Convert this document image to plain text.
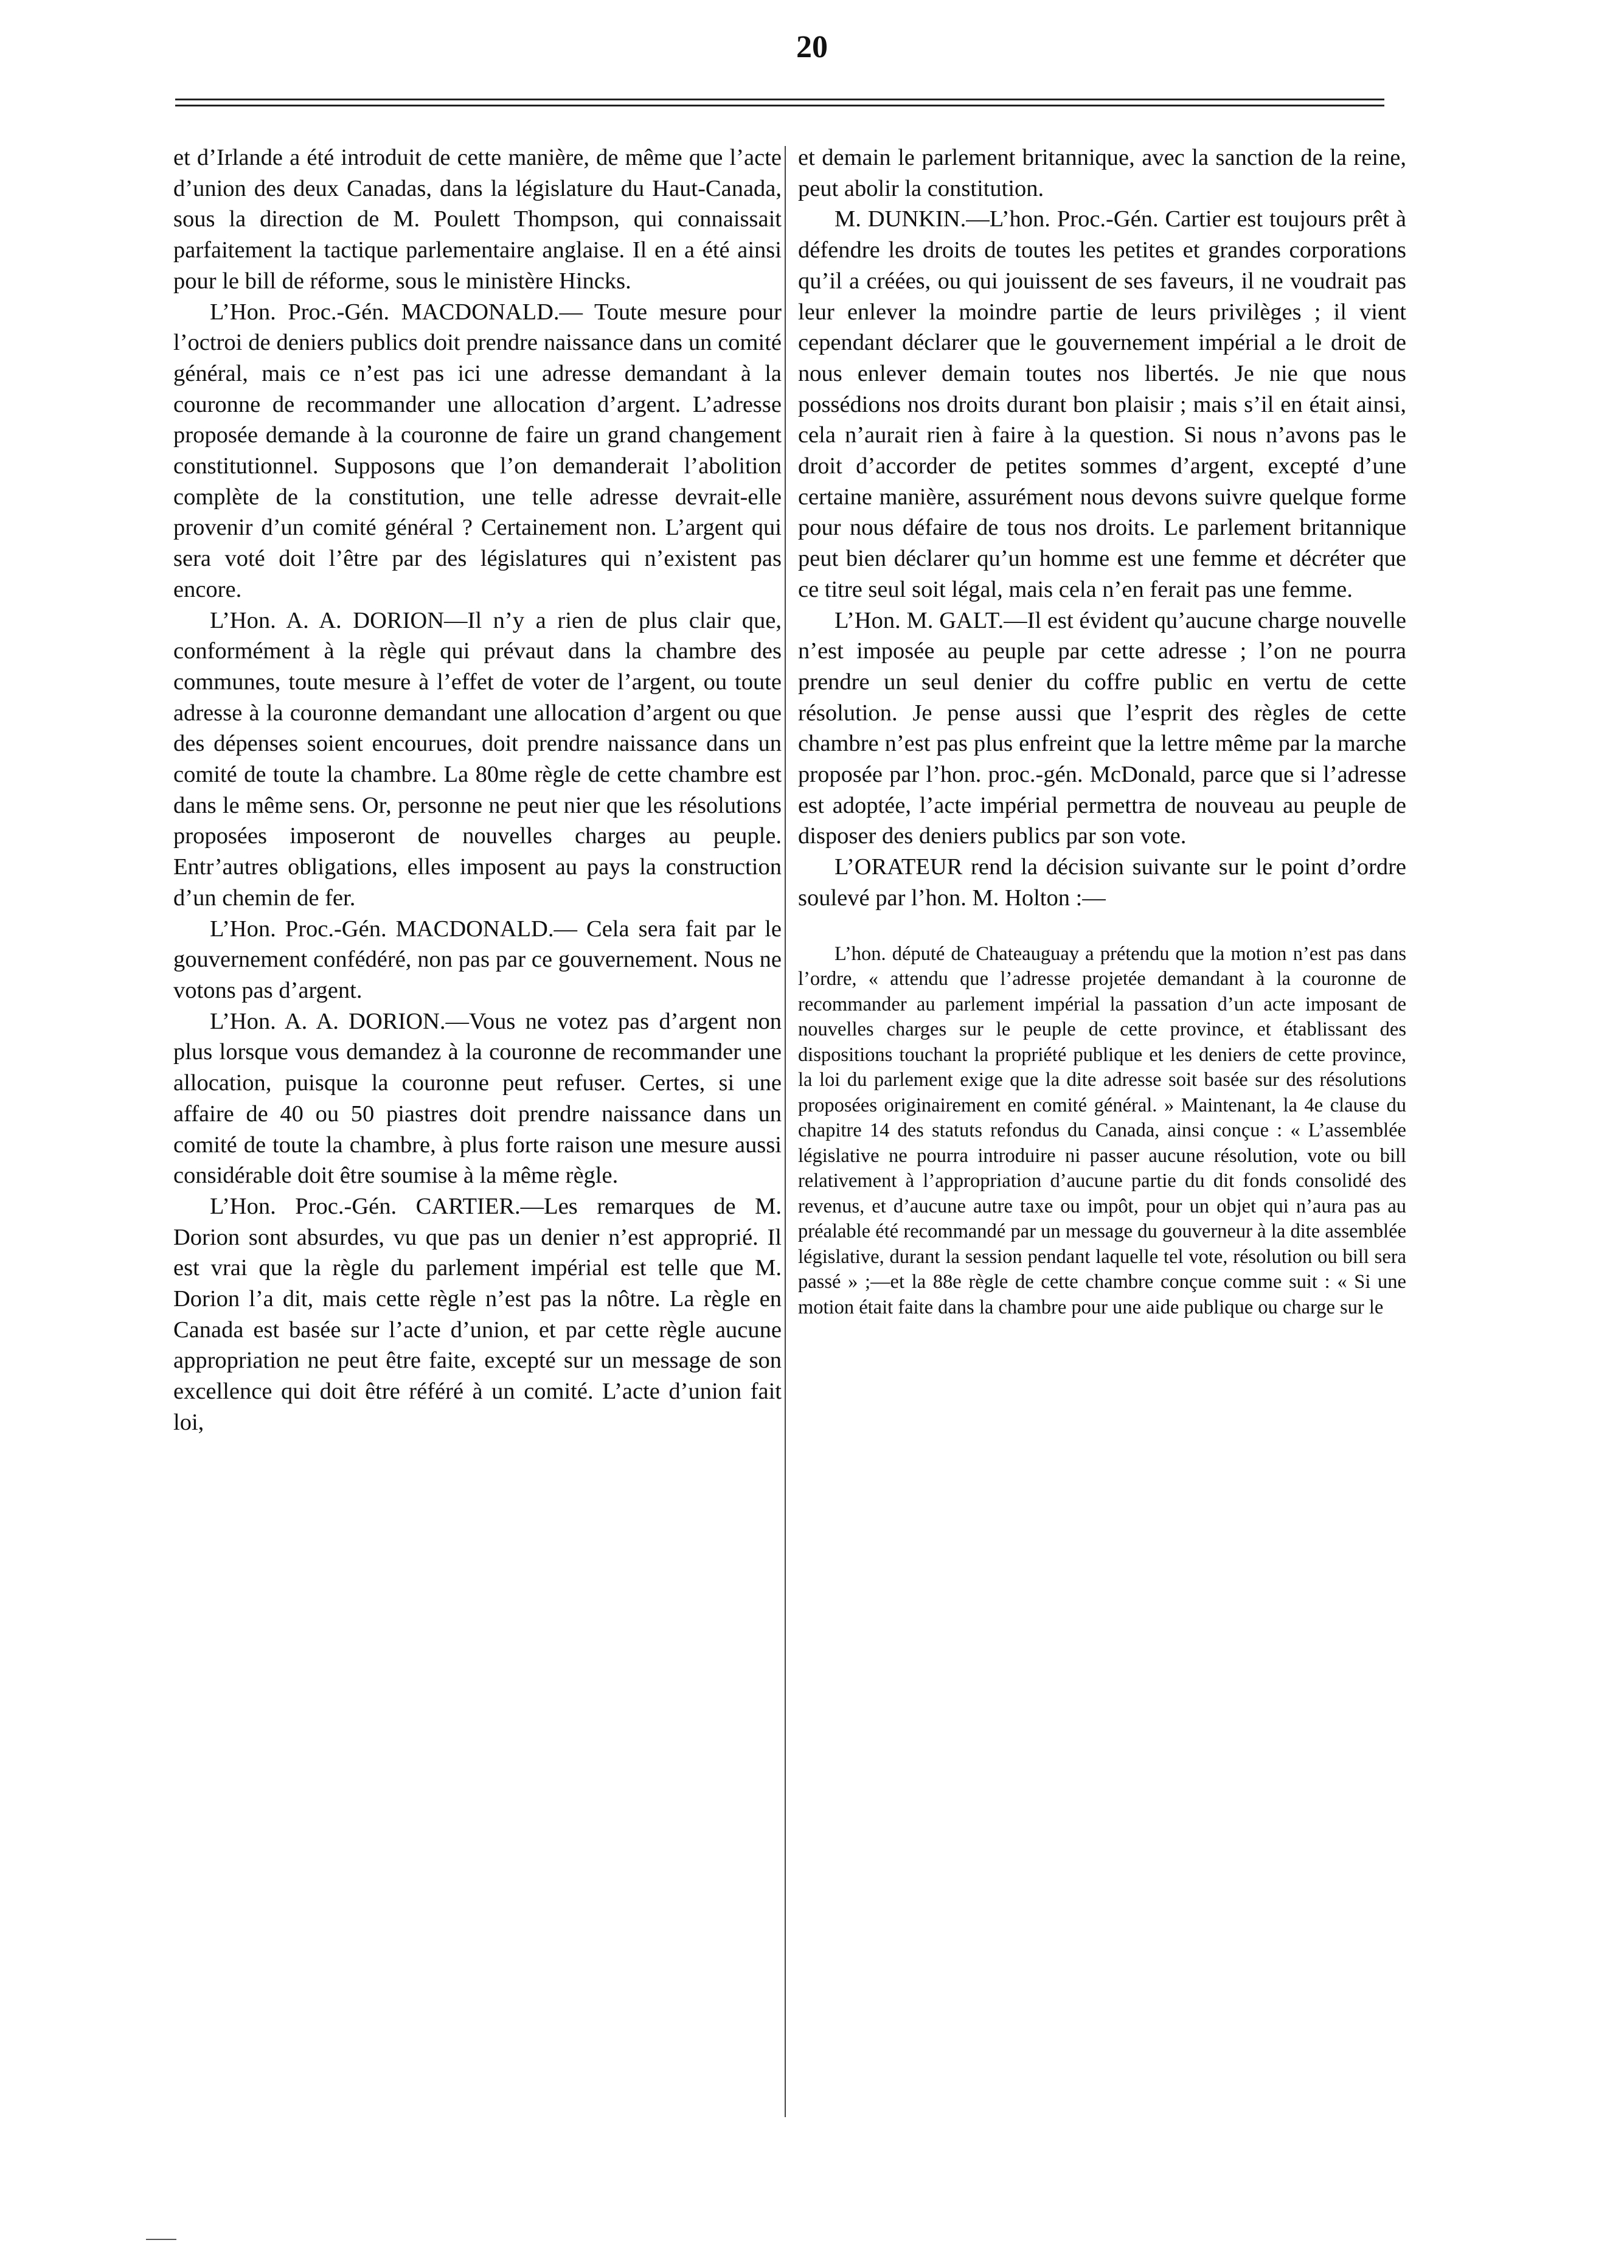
20

et d’Irlande a été introduit de cette manière, de même que l’acte d’union des deux Canadas, dans la législature du Haut-Canada, sous la direction de M. Poulett Thompson, qui connaissait parfaitement la tactique parlementaire anglaise. Il en a été ainsi pour le bill de réforme, sous le ministère Hincks.

L’Hon. Proc.-Gén. MACDONALD.— Toute mesure pour l’octroi de deniers publics doit prendre naissance dans un comité général, mais ce n’est pas ici une adresse demandant à la couronne de recommander une allocation d’argent. L’adresse proposée demande à la couronne de faire un grand changement constitutionnel. Supposons que l’on demanderait l’abolition complète de la constitution, une telle adresse devrait-elle provenir d’un comité général ? Certainement non. L’argent qui sera voté doit l’être par des législatures qui n’existent pas encore.

L’Hon. A. A. DORION—Il n’y a rien de plus clair que, conformément à la règle qui prévaut dans la chambre des communes, toute mesure à l’effet de voter de l’argent, ou toute adresse à la couronne demandant une allocation d’argent ou que des dépenses soient encourues, doit prendre naissance dans un comité de toute la chambre. La 80me règle de cette chambre est dans le même sens. Or, personne ne peut nier que les résolutions proposées imposeront de nouvelles charges au peuple. Entr’autres obligations, elles imposent au pays la construction d’un chemin de fer.

L’Hon. Proc.-Gén. MACDONALD.— Cela sera fait par le gouvernement confédéré, non pas par ce gouvernement. Nous ne votons pas d’argent.

L’Hon. A. A. DORION.—Vous ne votez pas d’argent non plus lorsque vous demandez à la couronne de recommander une allocation, puisque la couronne peut refuser. Certes, si une affaire de 40 ou 50 piastres doit prendre naissance dans un comité de toute la chambre, à plus forte raison une mesure aussi considérable doit être soumise à la même règle.

L’Hon. Proc.-Gén. CARTIER.—Les remarques de M. Dorion sont absurdes, vu que pas un denier n’est approprié. Il est vrai que la règle du parlement impérial est telle que M. Dorion l’a dit, mais cette règle n’est pas la nôtre. La règle en Canada est basée sur l’acte d’union, et par cette règle aucune appropriation ne peut être faite, excepté sur un message de son excellence qui doit être référé à un comité. L’acte d’union fait loi,

et demain le parlement britannique, avec la sanction de la reine, peut abolir la constitution.

M. DUNKIN.—L’hon. Proc.-Gén. Cartier est toujours prêt à défendre les droits de toutes les petites et grandes corporations qu’il a créées, ou qui jouissent de ses faveurs, il ne voudrait pas leur enlever la moindre partie de leurs privilèges ; il vient cependant déclarer que le gouvernement impérial a le droit de nous enlever demain toutes nos libertés. Je nie que nous possédions nos droits durant bon plaisir ; mais s’il en était ainsi, cela n’aurait rien à faire à la question. Si nous n’avons pas le droit d’accorder de petites sommes d’argent, excepté d’une certaine manière, assurément nous devons suivre quelque forme pour nous défaire de tous nos droits. Le parlement britannique peut bien déclarer qu’un homme est une femme et décréter que ce titre seul soit légal, mais cela n’en ferait pas une femme.

L’Hon. M. GALT.—Il est évident qu’aucune charge nouvelle n’est imposée au peuple par cette adresse ; l’on ne pourra prendre un seul denier du coffre public en vertu de cette résolution. Je pense aussi que l’esprit des règles de cette chambre n’est pas plus enfreint que la lettre même par la marche proposée par l’hon. proc.-gén. McDonald, parce que si l’adresse est adoptée, l’acte impérial permettra de nouveau au peuple de disposer des deniers publics par son vote.

L’ORATEUR rend la décision suivante sur le point d’ordre soulevé par l’hon. M. Holton :—

L’hon. député de Chateauguay a prétendu que la motion n’est pas dans l’ordre, « attendu que l’adresse projetée demandant à la couronne de recommander au parlement impérial la passation d’un acte imposant de nouvelles charges sur le peuple de cette province, et établissant des dispositions touchant la propriété publique et les deniers de cette province, la loi du parlement exige que la dite adresse soit basée sur des résolutions proposées originairement en comité général. » Maintenant, la 4e clause du chapitre 14 des statuts refondus du Canada, ainsi conçue : « L’assemblée législative ne pourra introduire ni passer aucune résolution, vote ou bill relativement à l’appropriation d’aucune partie du dit fonds consolidé des revenus, et d’aucune autre taxe ou impôt, pour un objet qui n’aura pas au préalable été recommandé par un message du gouverneur à la dite assemblée législative, durant la session pendant laquelle tel vote, résolution ou bill sera passé » ;—et la 88e règle de cette chambre conçue comme suit : « Si une motion était faite dans la chambre pour une aide publique ou charge sur le
